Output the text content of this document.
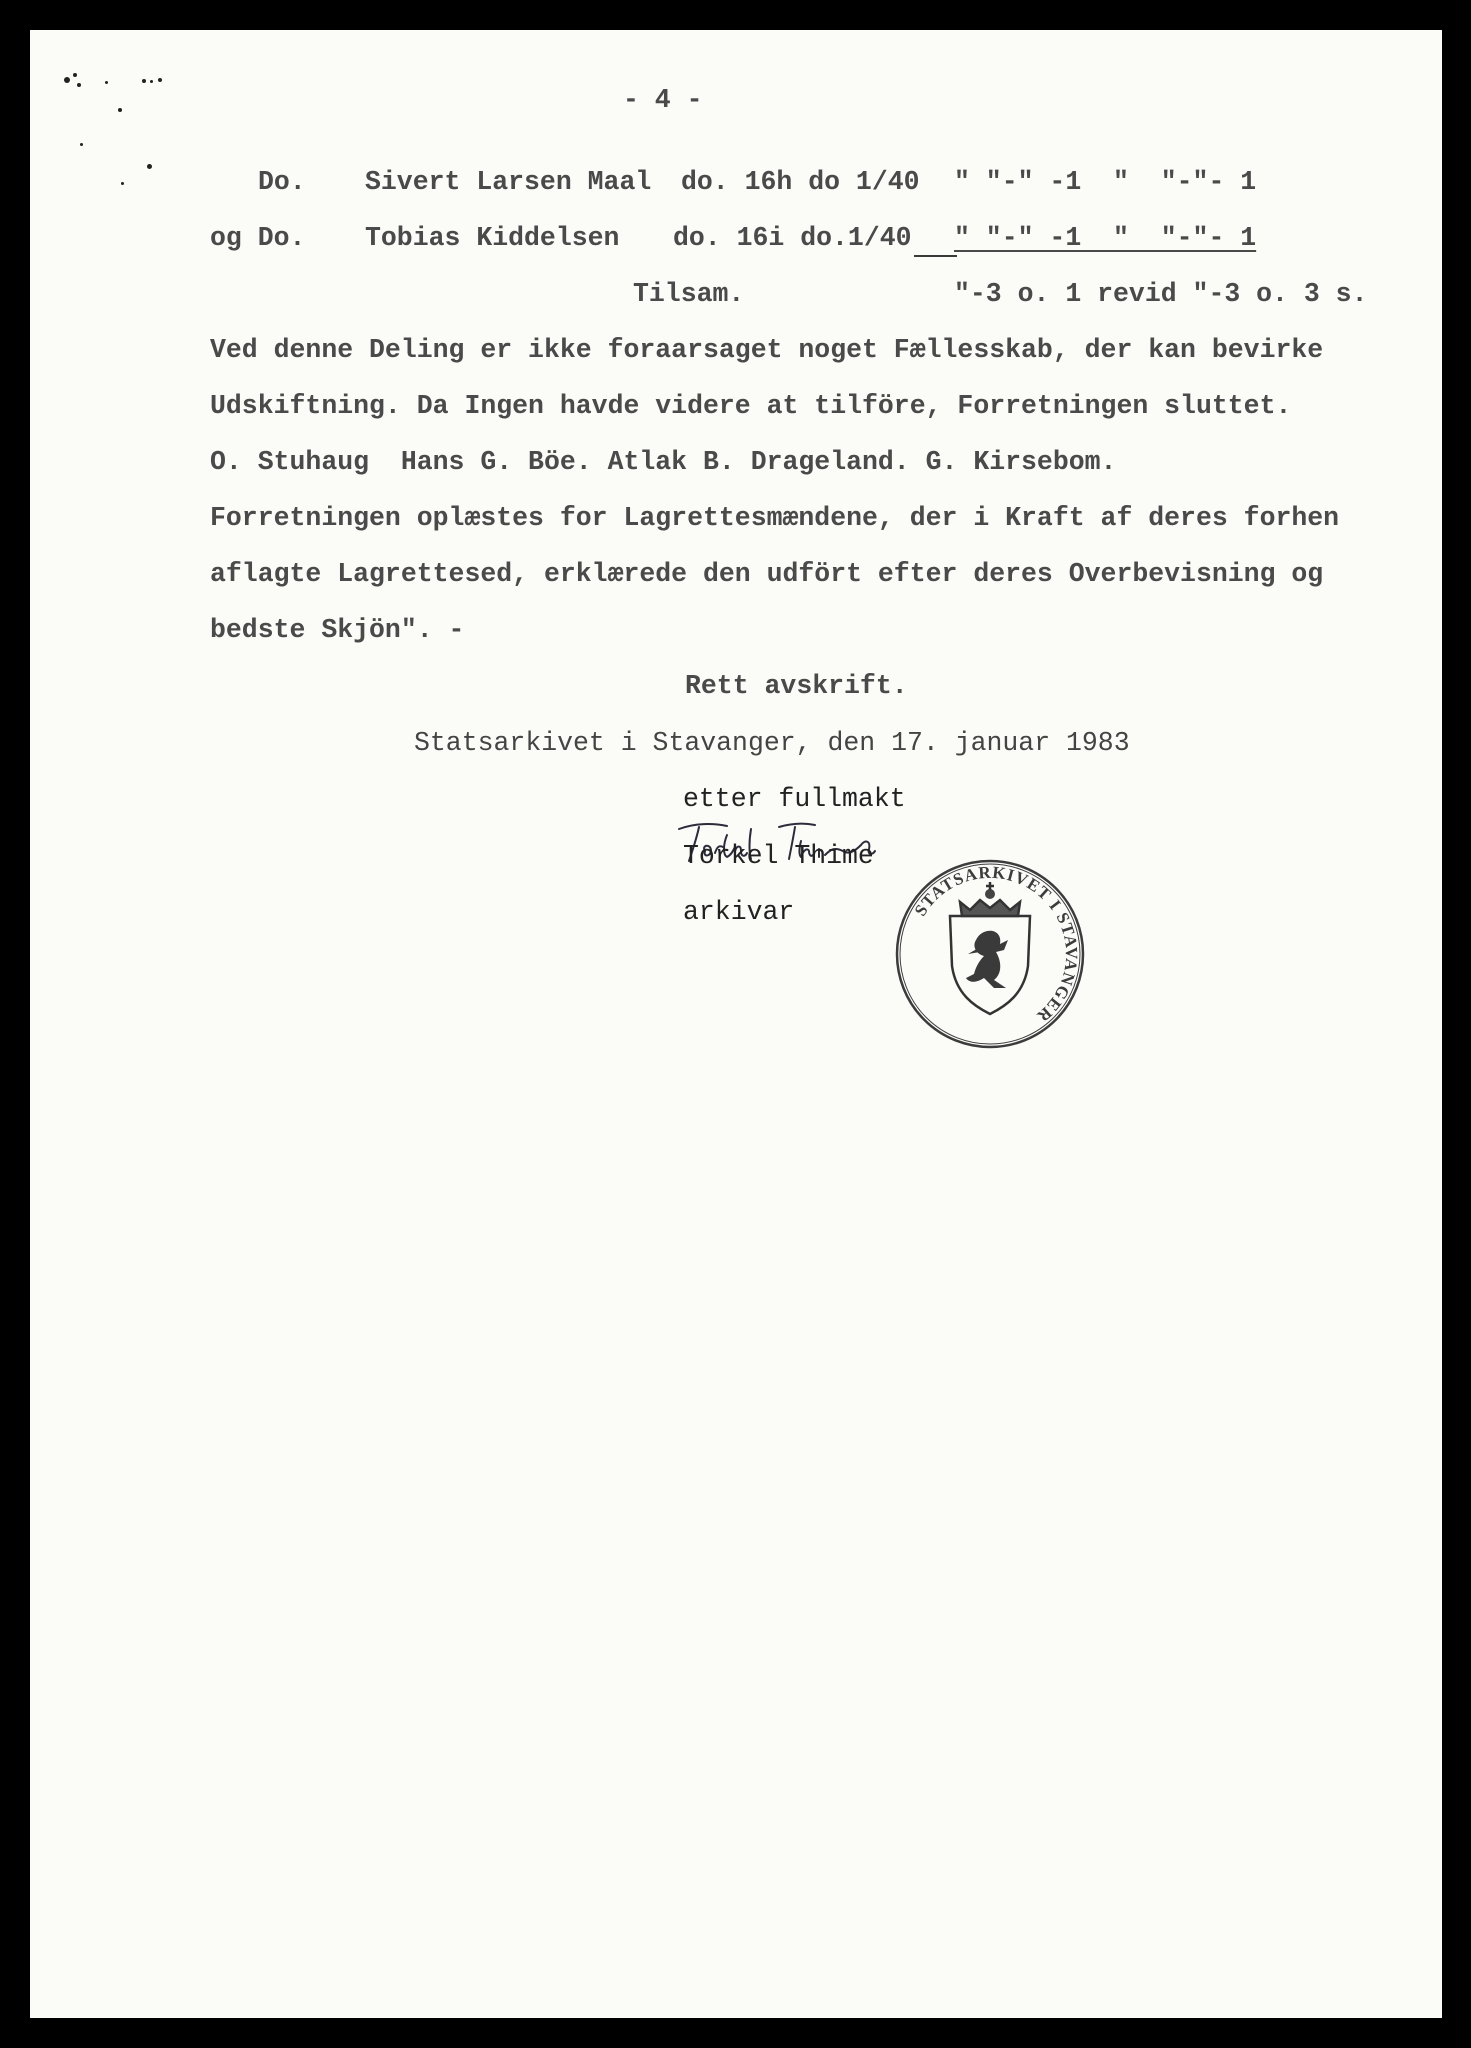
- 4 -
Do. Sivert Larsen Maal do. 16h do 1/40 " "-" -1  "  "-"- 1
og Do. Tobias Kiddelsen do. 16i do.1/40 " "-" -1  "  "-"- 1
Tilsam.	"-3 o. 1 revid "-3 o. 3 s.
Ved denne Deling er ikke foraarsaget noget Fællesskab, der kan bevirke
Udskiftning. Da Ingen havde videre at tilföre, Forretningen sluttet.
O. Stuhaug  Hans G. Böe. Atlak B. Drageland. G. Kirsebom.
Forretningen oplæstes for Lagrettesmændene, der i Kraft af deres forhen
aflagte Lagrettesed, erklærede den udfört efter deres Overbevisning og
bedste Skjön". -
Rett avskrift.
Statsarkivet i Stavanger, den 17. januar 1983
etter fullmakt
Torkel Thime
Torkel Thime
arkivar	STATSARKIVET I STAVANGER
